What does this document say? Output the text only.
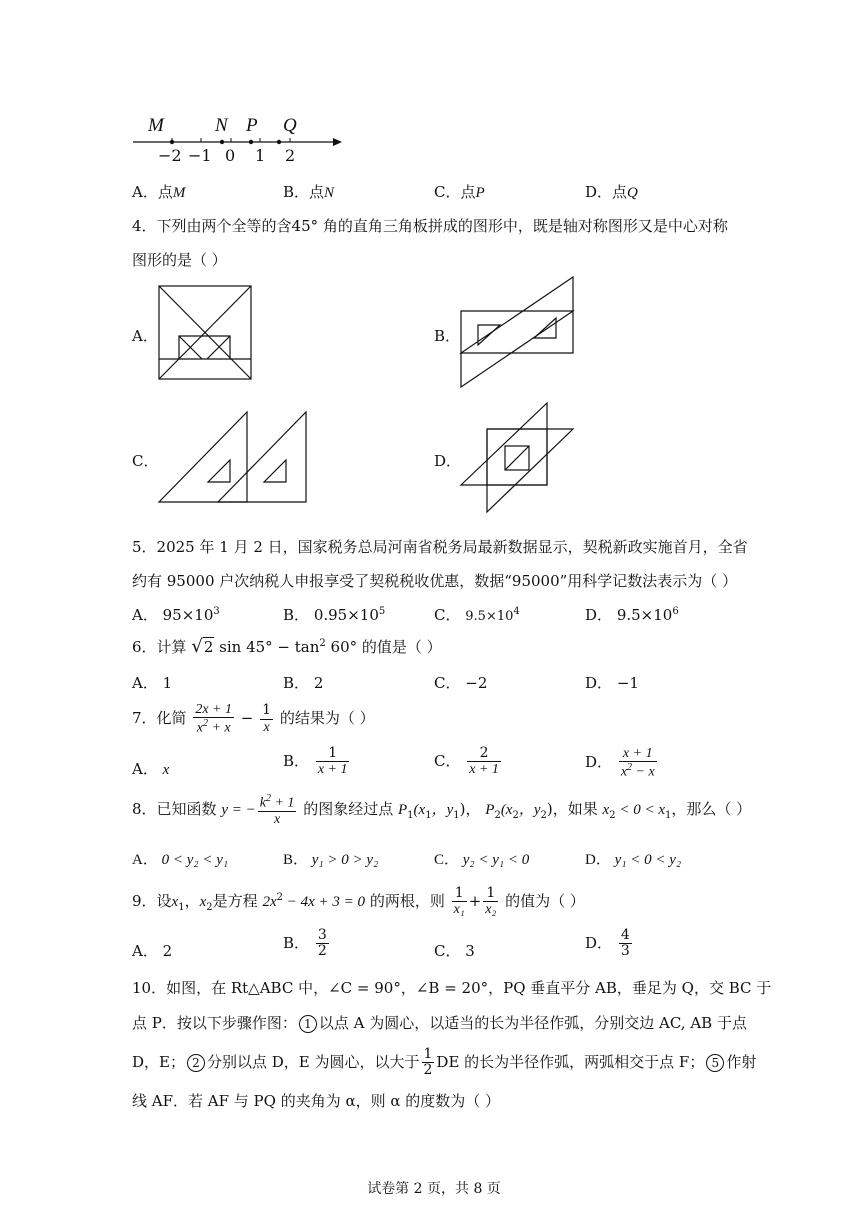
M	N P Q
−2 −1 0 1 2
A．点M	B．点N	C．点P	D．点Q
4．下列由两个全等的含45° 角的直角三角板拼成的图形中，既是轴对称图形又是中心对称
图形的是（ ）
A．	B．
C．	D．
5．2025 年 1 月 2 日，国家税务总局河南省税务局最新数据显示，契税新政实施首月，全省
约有 95000 户次纳税人申报享受了契税税收优惠，数据“95000”用科学记数法表示为（ ）
A． $95\times 10^3$	B． $0.95\times 10^5$	C． $9.5\times 10^4$	D． $9.5\times 10^6$
6．计算 √2 $\sin 45^\circ - \tan^2 60^\circ$ 的值是（ ）
A． 1	B． 2	C． −2	D． −1
7．化简 $\frac{2x + 1}{x^2 + x} - \frac{1}{x}$ 的结果为（ ）
A． x
B． $\frac{1}{x + 1}$	C． $\frac{2}{x + 1}$	D． $\frac{x + 1}{x^2 - x}$
8．已知函数 y = − $\frac{k^2 + 1}{x}$ 的图象经过点 $P_1(x_1$，$y_1$)， $P_2(x_2$，$y_2$)，如果 $x_2 < 0 < x_1$，那么（ ）
A． 0 < y₂ < y₁	B． y₁ > 0 > y₂	C． y₂ < y₁ < 0	D． y₁ < 0 < y₂
9．设$x_1$，$x_2$是方程 $2x^2 - 4x + 3 = 0$ 的两根，则 $\frac{1}{\text{x₁}} + \frac{1}{\text{x₂}}$ 的值为（ ）
A． 2	B． $\frac{3}{2}$	C． 3	D． $\frac{4}{3}$
10．如图，在 Rt△ABC 中，∠C = 90°，∠B = 20°，PQ 垂直平分 AB，垂足为 Q，交 BC 于
点 P．按以下步骤作图： 1 以点 A 为圆心，以适当的长为半径作弧，分别交边 AC, AB 于点
D，E； 2 分别以点 D，E 为圆心，以大于 $\frac{1}{2}$ DE 的长为半径作弧，两弧相交于点 F； 5 作射
线 AF．若 AF 与 PQ 的夹角为 α，则 α 的度数为（ ）
试卷第 2 页，共 8 页
